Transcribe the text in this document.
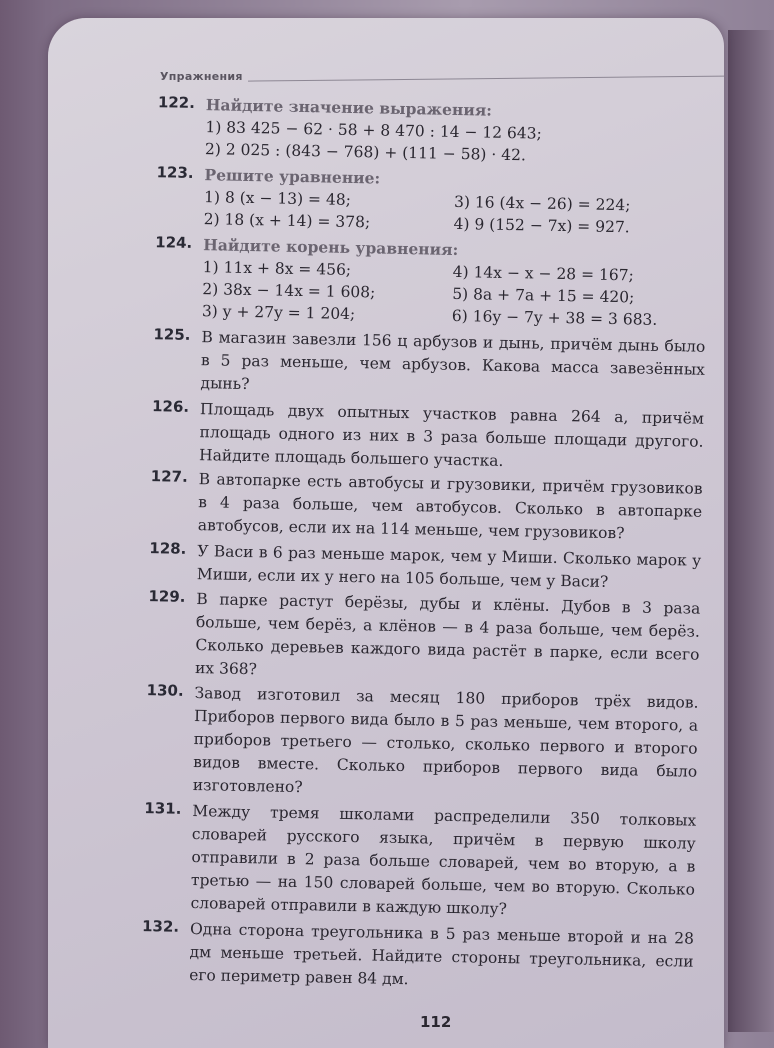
Упражнения
122. Найдите значение выражения:
1) 83 425 − 62 · 58 + 8 470 : 14 − 12 643;
2) 2 025 : (843 − 768) + (111 − 58) · 42.
123. Решите уравнение:
1) 8 (x − 13) = 48;
2) 18 (x + 14) = 378;
3) 16 (4x − 26) = 224;
4) 9 (152 − 7x) = 927.
124. Найдите корень уравнения:
1) 11x + 8x = 456;
2) 38x − 14x = 1 608;
3) y + 27y = 1 204;
4) 14x − x − 28 = 167;
5) 8a + 7a + 15 = 420;
6) 16y − 7y + 38 = 3 683.
125. В магазин завезли 156 ц арбузов и дынь, причём дынь было в 5 раз меньше, чем арбузов. Какова масса завезённых дынь?
126. Площадь двух опытных участков равна 264 а, причём площадь одного из них в 3 раза больше площади другого. Найдите площадь большего участка.
127. В автопарке есть автобусы и грузовики, причём грузовиков в 4 раза больше, чем автобусов. Сколько в автопарке автобусов, если их на 114 меньше, чем грузовиков?
128. У Васи в 6 раз меньше марок, чем у Миши. Сколько марок у Миши, если их у него на 105 больше, чем у Васи?
129. В парке растут берёзы, дубы и клёны. Дубов в 3 раза больше, чем берёз, а клёнов — в 4 раза больше, чем берёз. Сколько деревьев каждого вида растёт в парке, если всего их 368?
130. Завод изготовил за месяц 180 приборов трёх видов. Приборов первого вида было в 5 раз меньше, чем второго, а приборов третьего — столько, сколько первого и второго видов вместе. Сколько приборов первого вида было изготовлено?
131. Между тремя школами распределили 350 толковых словарей русского языка, причём в первую школу отправили в 2 раза больше словарей, чем во вторую, а в третью — на 150 словарей больше, чем во вторую. Сколько словарей отправили в каждую школу?
132. Одна сторона треугольника в 5 раз меньше второй и на 28 дм меньше третьей. Найдите стороны треугольника, если его периметр равен 84 дм.
112
